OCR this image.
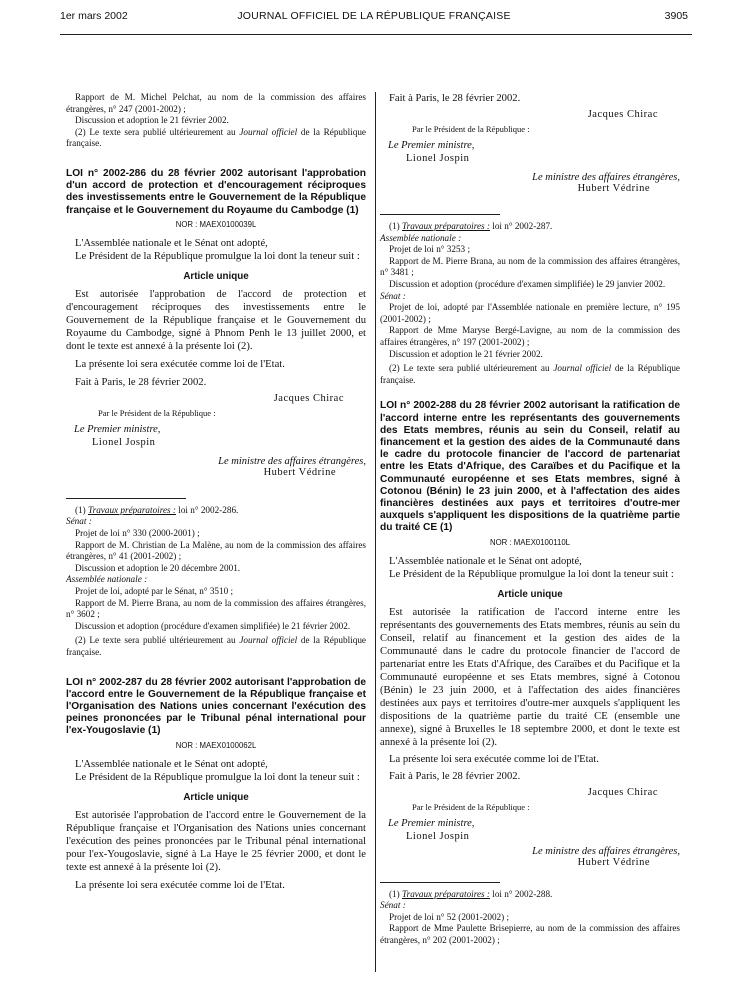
1er mars 2002	JOURNAL OFFICIEL DE LA RÉPUBLIQUE FRANÇAISE	3905

Rapport de M. Michel Pelchat, au nom de la commission des affaires étrangères, n° 247 (2001-2002) ;

Discussion et adoption le 21 février 2002.

(2) Le texte sera publié ultérieurement au Journal officiel de la République française.

LOI n° 2002-286 du 28 février 2002 autorisant l'approbation d'un accord de protection et d'encouragement réciproques des investissements entre le Gouvernement de la République française et le Gouvernement du Royaume du Cambodge (1)

NOR : MAEX0100039L

L'Assemblée nationale et le Sénat ont adopté,

Le Président de la République promulgue la loi dont la teneur suit :

Article unique

Est autorisée l'approbation de l'accord de protection et d'encouragement réciproques des investissements entre le Gouvernement de la République française et le Gouvernement du Royaume du Cambodge, signé à Phnom Penh le 13 juillet 2000, et dont le texte est annexé à la présente loi (2).

La présente loi sera exécutée comme loi de l'Etat.

Fait à Paris, le 28 février 2002.

Jacques Chirac

Par le Président de la République :

Le Premier ministre,

Lionel Jospin

Le ministre des affaires étrangères,

Hubert Védrine

(1) Travaux préparatoires : loi n° 2002-286.

Sénat :

Projet de loi n° 330 (2000-2001) ;

Rapport de M. Christian de La Malène, au nom de la commission des affaires étrangères, n° 41 (2001-2002) ;

Discussion et adoption le 20 décembre 2001.

Assemblée nationale :

Projet de loi, adopté par le Sénat, n° 3510 ;

Rapport de M. Pierre Brana, au nom de la commission des affaires étrangères, n° 3602 ;

Discussion et adoption (procédure d'examen simplifiée) le 21 février 2002.

(2) Le texte sera publié ultérieurement au Journal officiel de la République française.

LOI n° 2002-287 du 28 février 2002 autorisant l'approbation de l'accord entre le Gouvernement de la République française et l'Organisation des Nations unies concernant l'exécution des peines prononcées par le Tribunal pénal international pour l'ex-Yougoslavie (1)

NOR : MAEX0100062L

L'Assemblée nationale et le Sénat ont adopté,

Le Président de la République promulgue la loi dont la teneur suit :

Article unique

Est autorisée l'approbation de l'accord entre le Gouvernement de la République française et l'Organisation des Nations unies concernant l'exécution des peines prononcées par le Tribunal pénal international pour l'ex-Yougoslavie, signé à La Haye le 25 février 2000, et dont le texte est annexé à la présente loi (2).

La présente loi sera exécutée comme loi de l'Etat.

Fait à Paris, le 28 février 2002.

Jacques Chirac

Par le Président de la République :

Le Premier ministre,

Lionel Jospin

Le ministre des affaires étrangères,

Hubert Védrine

(1) Travaux préparatoires : loi n° 2002-287.

Assemblée nationale :

Projet de loi n° 3253 ;

Rapport de M. Pierre Brana, au nom de la commission des affaires étrangères, n° 3481 ;

Discussion et adoption (procédure d'examen simplifiée) le 29 janvier 2002.

Sénat :

Projet de loi, adopté par l'Assemblée nationale en première lecture, n° 195 (2001-2002) ;

Rapport de Mme Maryse Bergé-Lavigne, au nom de la commission des affaires étrangères, n° 197 (2001-2002) ;

Discussion et adoption le 21 février 2002.

(2) Le texte sera publié ultérieurement au Journal officiel de la République française.

LOI n° 2002-288 du 28 février 2002 autorisant la ratification de l'accord interne entre les représentants des gouvernements des Etats membres, réunis au sein du Conseil, relatif au financement et la gestion des aides de la Communauté dans le cadre du protocole financier de l'accord de partenariat entre les Etats d'Afrique, des Caraïbes et du Pacifique et la Communauté européenne et ses Etats membres, signé à Cotonou (Bénin) le 23 juin 2000, et à l'affectation des aides financières destinées aux pays et territoires d'outre-mer auxquels s'appliquent les dispositions de la quatrième partie du traité CE (1)

NOR : MAEX0100110L

L'Assemblée nationale et le Sénat ont adopté,

Le Président de la République promulgue la loi dont la teneur suit :

Article unique

Est autorisée la ratification de l'accord interne entre les représentants des gouvernements des Etats membres, réunis au sein du Conseil, relatif au financement et la gestion des aides de la Communauté dans le cadre du protocole financier de l'accord de partenariat entre les Etats d'Afrique, des Caraïbes et du Pacifique et la Communauté européenne et ses Etats membres, signé à Cotonou (Bénin) le 23 juin 2000, et à l'affectation des aides financières destinées aux pays et territoires d'outre-mer auxquels s'appliquent les dispositions de la quatrième partie du traité CE (ensemble une annexe), signé à Bruxelles le 18 septembre 2000, et dont le texte est annexé à la présente loi (2).

La présente loi sera exécutée comme loi de l'Etat.

Fait à Paris, le 28 février 2002.

Jacques Chirac

Par le Président de la République :

Le Premier ministre,

Lionel Jospin

Le ministre des affaires étrangères,

Hubert Védrine

(1) Travaux préparatoires : loi n° 2002-288.

Sénat :

Projet de loi n° 52 (2001-2002) ;

Rapport de Mme Paulette Brisepierre, au nom de la commission des affaires étrangères, n° 202 (2001-2002) ;
